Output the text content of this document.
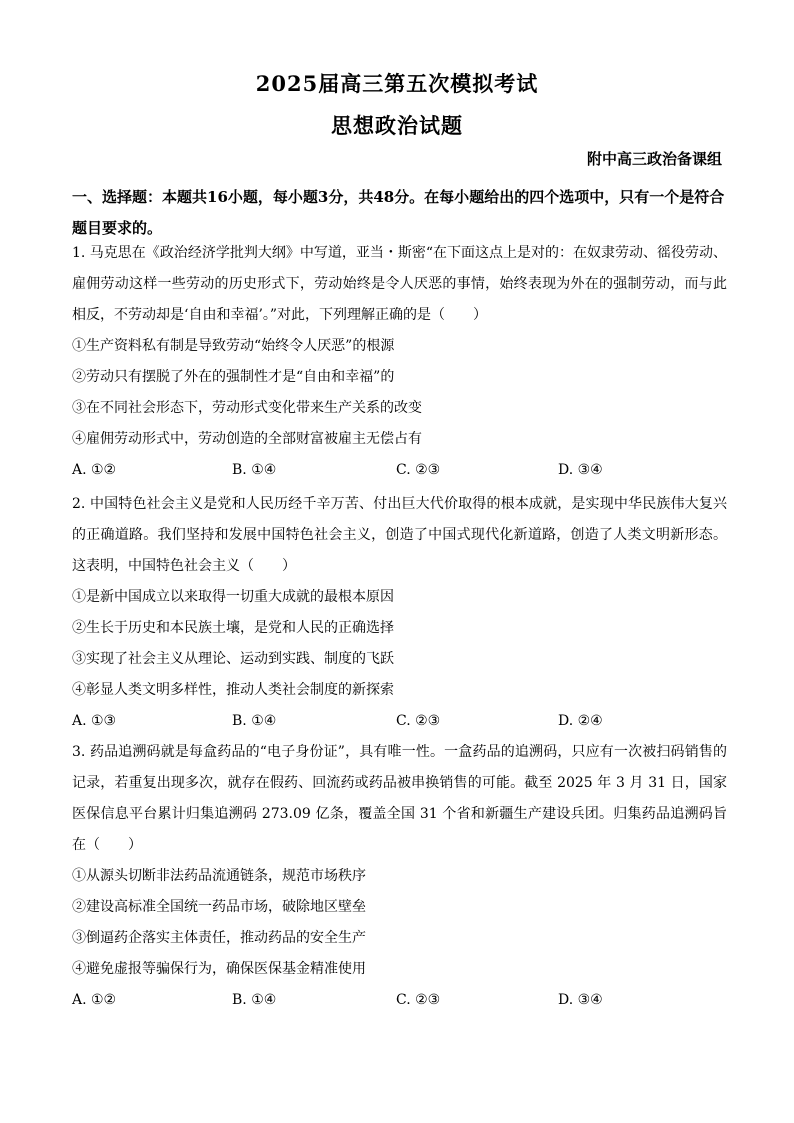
2025届高三第五次模拟考试
思想政治试题
附中高三政治备课组
一、选择题：本题共16小题，每小题3分，共48分。在每小题给出的四个选项中，只有一个是符合题目要求的。
1. 马克思在《政治经济学批判大纲》中写道，亚当・斯密“在下面这点上是对的：在奴隶劳动、徭役劳动、雇佣劳动这样一些劳动的历史形式下，劳动始终是令人厌恶的事情，始终表现为外在的强制劳动，而与此相反，不劳动却是‘自由和幸福’。”对此，下列理解正确的是（　　）
①生产资料私有制是导致劳动“始终令人厌恶”的根源
②劳动只有摆脱了外在的强制性才是“自由和幸福”的
③在不同社会形态下，劳动形式变化带来生产关系的改变
④雇佣劳动形式中，劳动创造的全部财富被雇主无偿占有
A. ①②	B. ①④	C. ②③	D. ③④
2. 中国特色社会主义是党和人民历经千辛万苦、付出巨大代价取得的根本成就，是实现中华民族伟大复兴的正确道路。我们坚持和发展中国特色社会主义，创造了中国式现代化新道路，创造了人类文明新形态。这表明，中国特色社会主义（　　）
①是新中国成立以来取得一切重大成就的最根本原因
②生长于历史和本民族土壤，是党和人民的正确选择
③实现了社会主义从理论、运动到实践、制度的飞跃
④彰显人类文明多样性，推动人类社会制度的新探索
A. ①③	B. ①④	C. ②③	D. ②④
3. 药品追溯码就是每盒药品的“电子身份证”，具有唯一性。一盒药品的追溯码，只应有一次被扫码销售的记录，若重复出现多次，就存在假药、回流药或药品被串换销售的可能。截至 2025 年 3 月 31 日，国家医保信息平台累计归集追溯码 273.09 亿条，覆盖全国 31 个省和新疆生产建设兵团。归集药品追溯码旨在（　　）
①从源头切断非法药品流通链条，规范市场秩序
②建设高标准全国统一药品市场，破除地区壁垒
③倒逼药企落实主体责任，推动药品的安全生产
④避免虚报等骗保行为，确保医保基金精准使用
A. ①②	B. ①④	C. ②③	D. ③④
